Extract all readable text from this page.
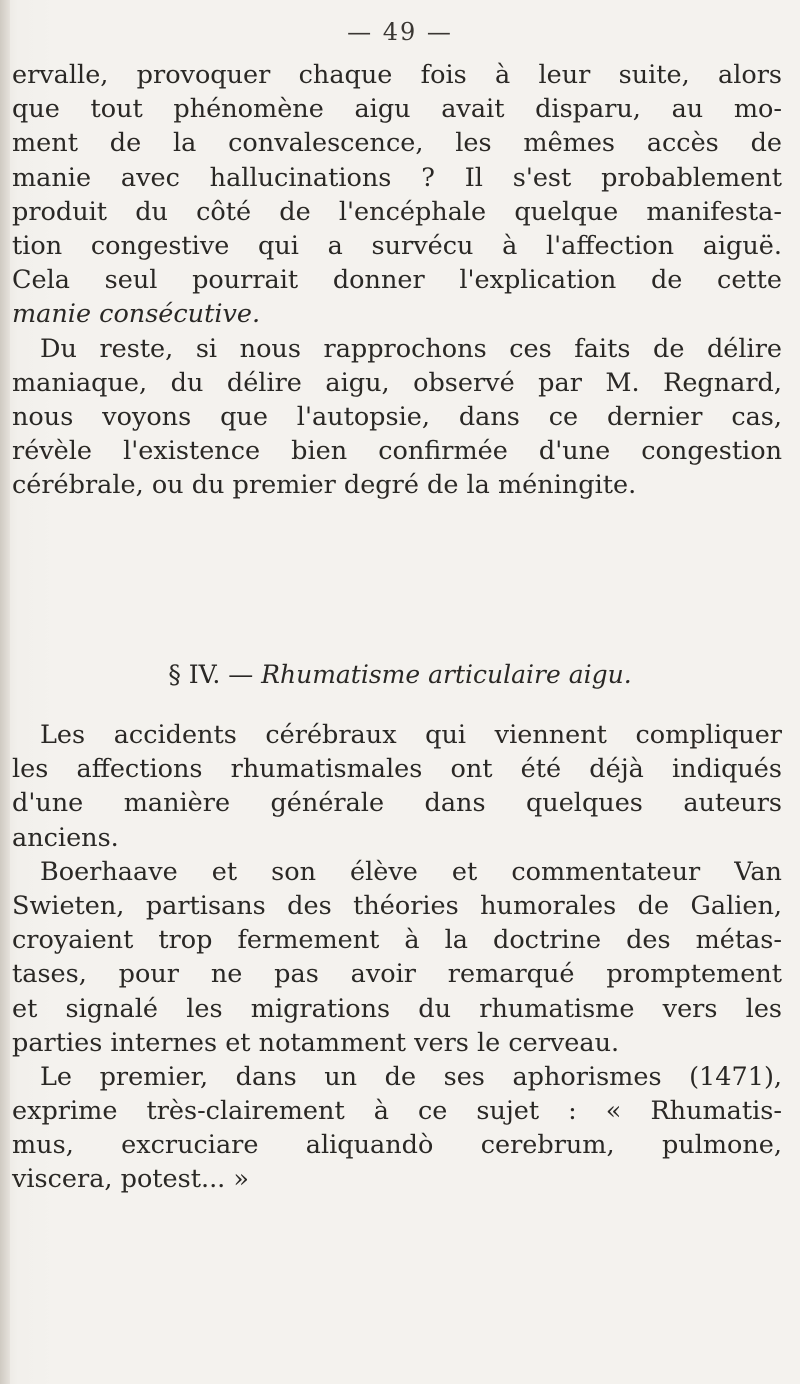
— 49 —
ervalle, provoquer chaque fois à leur suite, alors
que tout phénomène aigu avait disparu, au mo-
ment de la convalescence, les mêmes accès de
manie avec hallucinations ? Il s'est probablement
produit du côté de l'encéphale quelque manifesta-
tion congestive qui a survécu à l'affection aiguë.
Cela seul pourrait donner l'explication de cette
manie consécutive.
Du reste, si nous rapprochons ces faits de délire
maniaque, du délire aigu, observé par M. Regnard,
nous voyons que l'autopsie, dans ce dernier cas,
révèle l'existence bien confirmée d'une congestion
cérébrale, ou du premier degré de la méningite.
§ IV. — Rhumatisme articulaire aigu.
Les accidents cérébraux qui viennent compliquer
les affections rhumatismales ont été déjà indiqués
d'une manière générale dans quelques auteurs
anciens.
Boerhaave et son élève et commentateur Van
Swieten, partisans des théories humorales de Galien,
croyaient trop fermement à la doctrine des métas-
tases, pour ne pas avoir remarqué promptement
et signalé les migrations du rhumatisme vers les
parties internes et notamment vers le cerveau.
Le premier, dans un de ses aphorismes (1471),
exprime très-clairement à ce sujet : « Rhumatis-
mus, excruciare aliquandò cerebrum, pulmone,
viscera, potest... »
